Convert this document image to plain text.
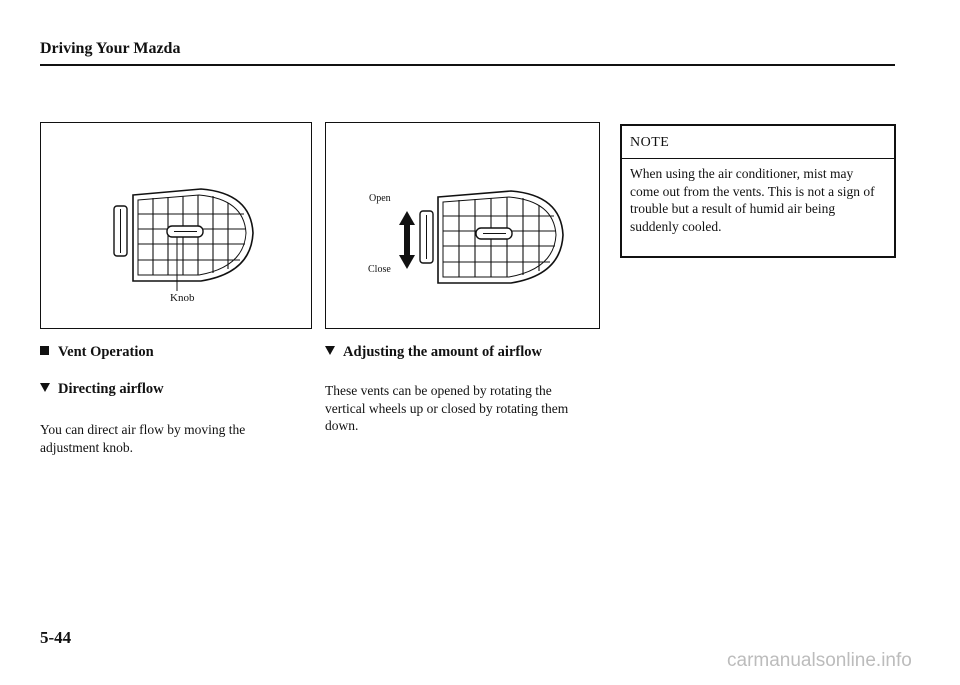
Driving Your Mazda
Knob
Open
Close
NOTE
When using the air conditioner, mist may come out from the vents. This is not a sign of trouble but a result of humid air being suddenly cooled.
Vent Operation
Directing airflow
You can direct air flow by moving the adjustment knob.
Adjusting the amount of airflow
These vents can be opened by rotating the vertical wheels up or closed by rotating them down.
5-44
carmanualsonline.info
